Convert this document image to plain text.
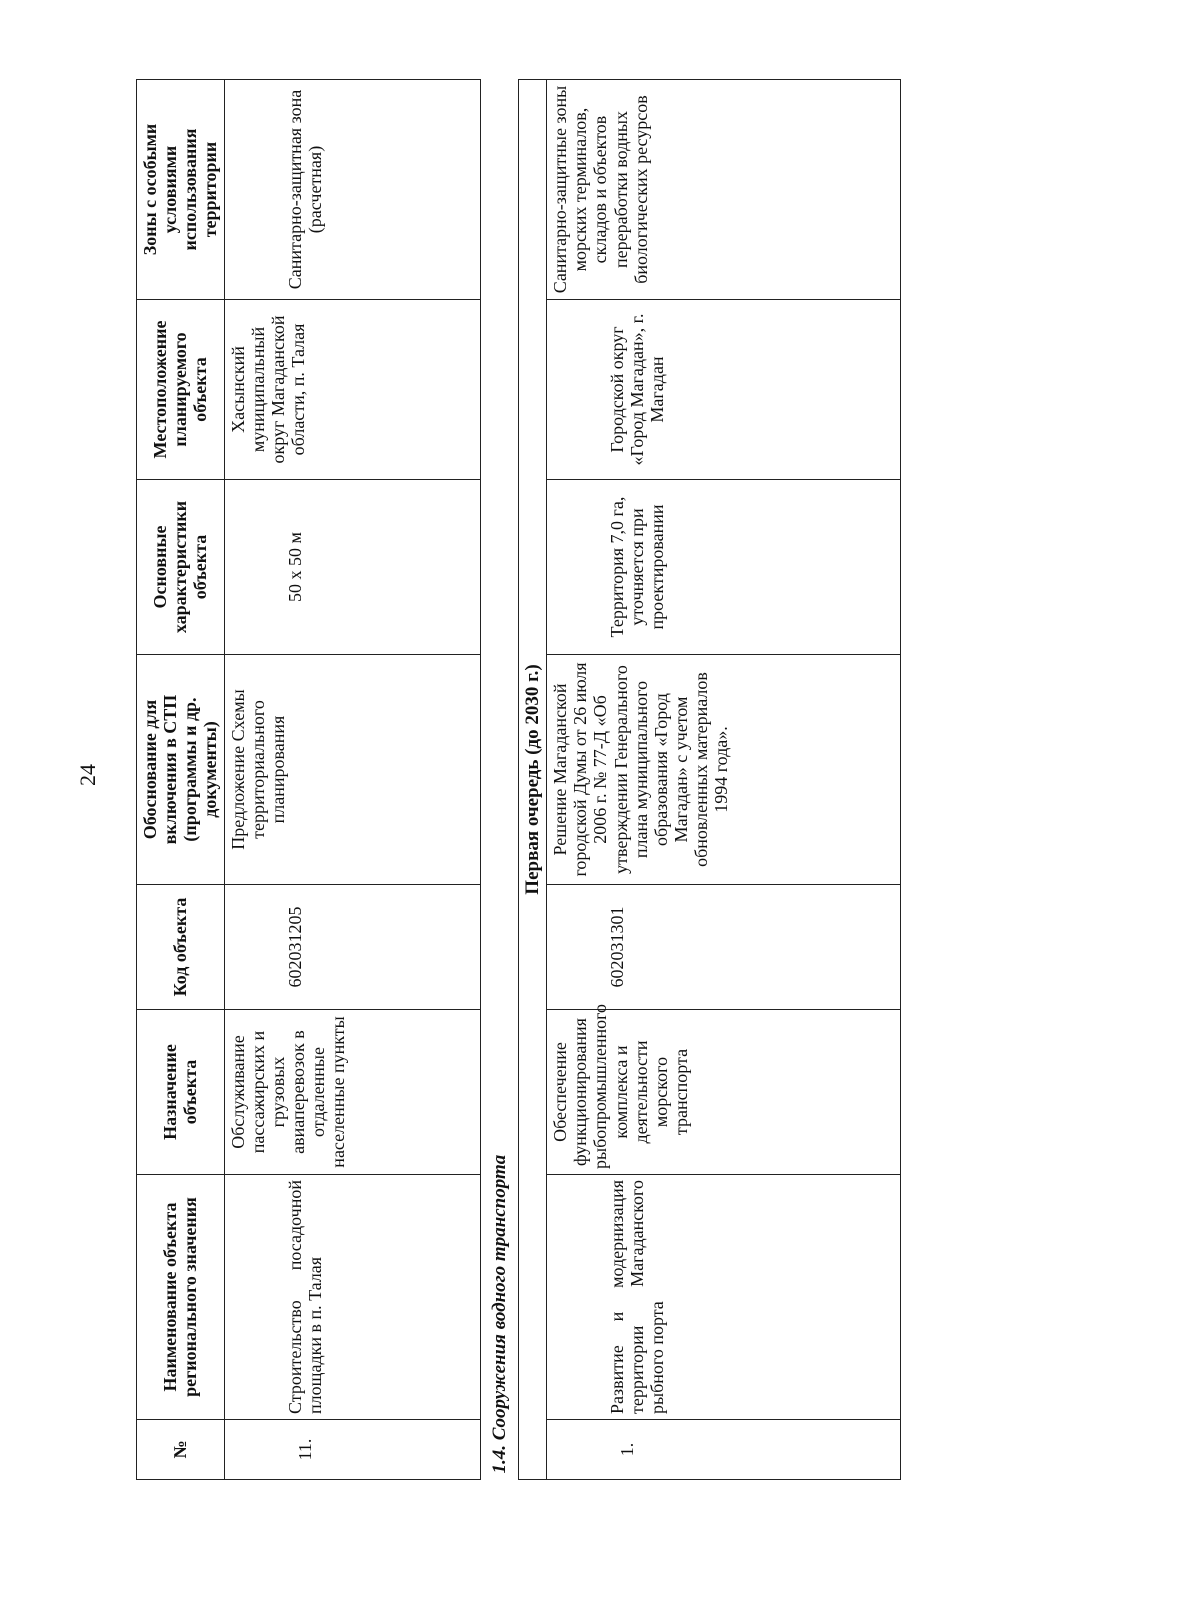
24
№	Наименование объекта регионального значения	Назначение объекта	Код объекта	Обоснование для включения в СТП (программы и др. документы)	Основные характеристики объекта	Местоположение планируемого объекта	Зоны с особыми условиями использования территории
11.	Строительство посадочной площадки в п. Талая	Обслуживание пассажирских и грузовых авиаперевозок в отдаленные населенные пункты	602031205	Предложение Схемы территориального планирования	50 х 50 м	Хасынский муниципальный округ Магаданской области, п. Талая	Санитарно-защитная зона (расчетная)
1.4. Сооружения водного транспорта							
Первая очередь (до 2030 г.)							
1.	Развитие и модернизация территории Магаданского рыбного порта	Обеспечение функционирования рыбопромышленного комплекса и деятельности морского транспорта	602031301	Решение Магаданской городской Думы от 26 июля 2006 г. № 77-Д «Об утверждении Генерального плана муниципального образования «Город Магадан» с учетом обновленных материалов 1994 года».	Территория 7,0 га, уточняется при проектировании	Городской округ «Город Магадан», г. Магадан	Санитарно-защитные зоны морских терминалов, складов и объектов переработки водных биологических ресурсов
